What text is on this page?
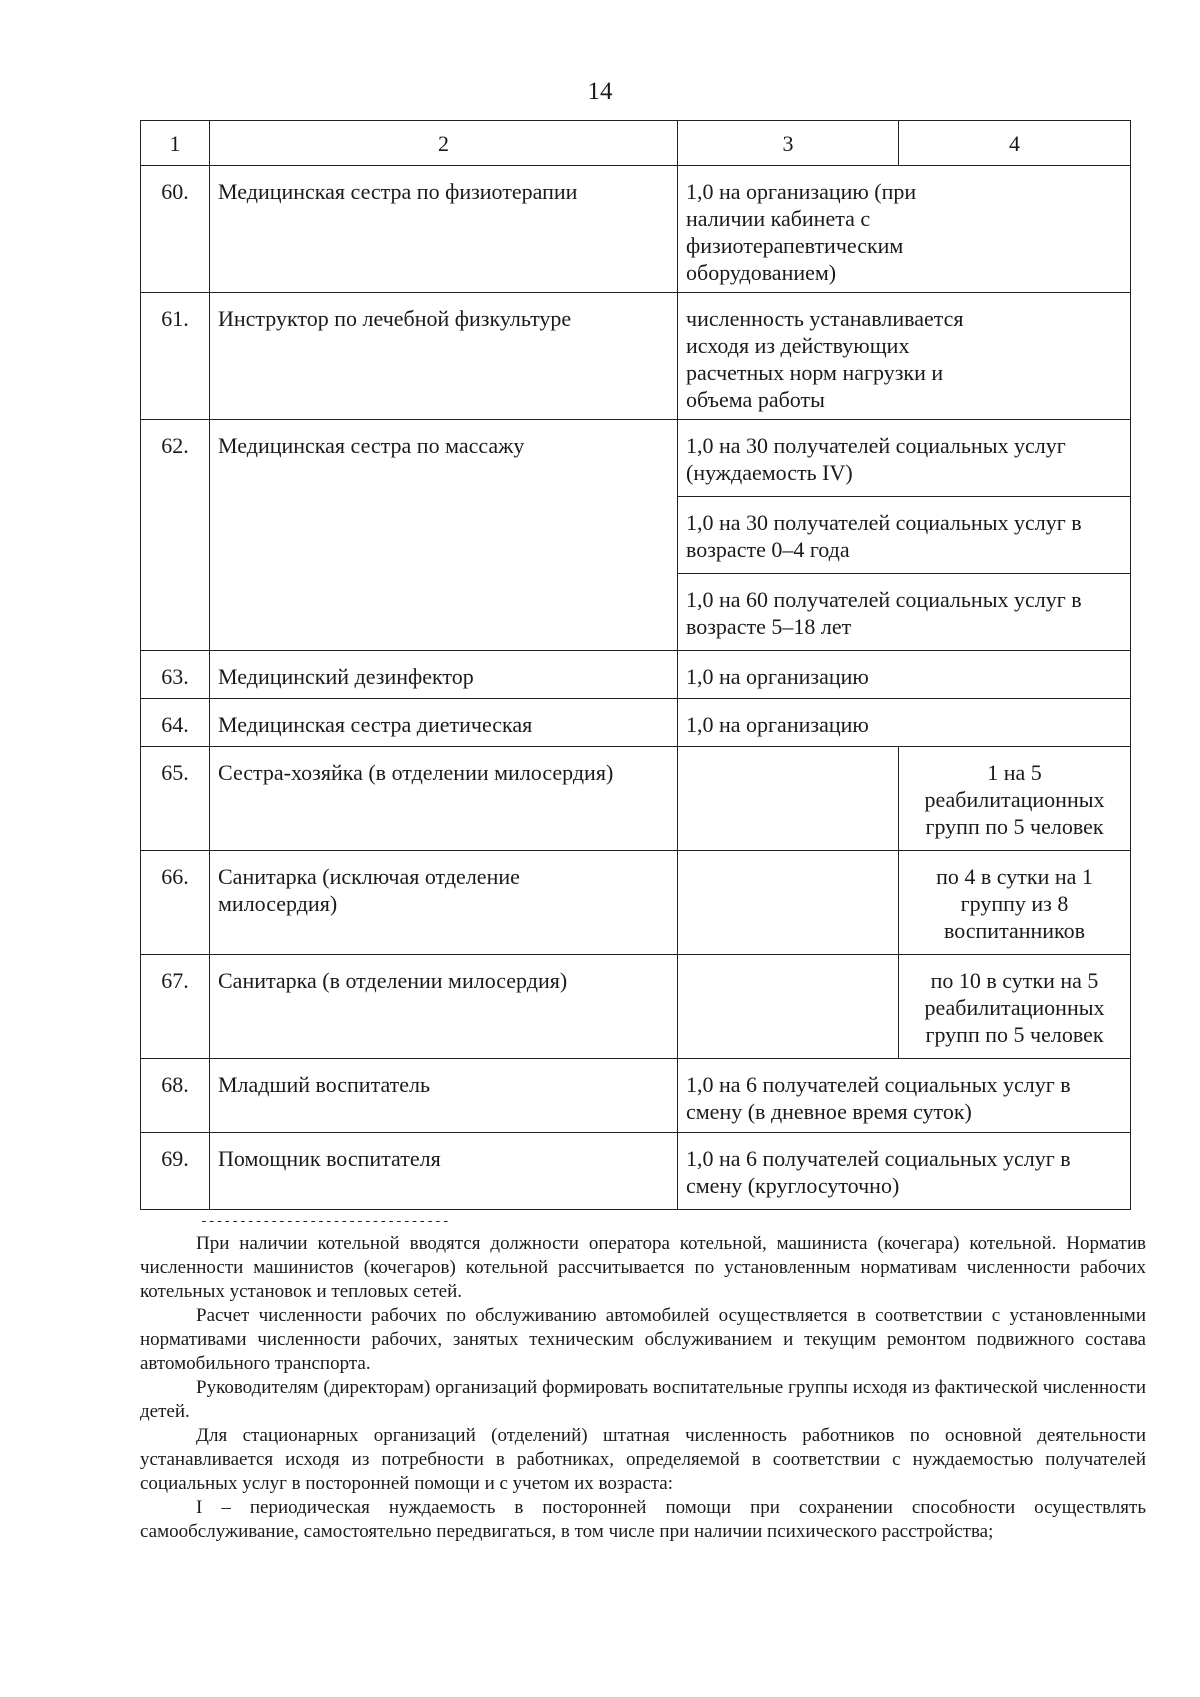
14
1	2	3	4
60.	Медицинская сестра по физиотерапии	1,0 на организацию (при наличии кабинета с физиотерапевтическим оборудованием)	
61.	Инструктор по лечебной физкультуре	численность устанавливается исходя из действующих расчетных норм нагрузки и объема работы	
62.	Медицинская сестра по массажу	1,0 на 30 получателей социальных услуг (нуждаемость IV)	
		1,0 на 30 получателей социальных услуг в возрасте 0–4 года	
		1,0 на 60 получателей социальных услуг в возрасте 5–18 лет	
63.	Медицинский дезинфектор	1,0 на организацию	
64.	Медицинская сестра диетическая	1,0 на организацию	
65.	Сестра-хозяйка (в отделении милосердия)		1 на 5 реабилитационных групп по 5 человек
66.	Санитарка (исключая отделение милосердия)		по 4 в сутки на 1 группу из 8 воспитанников
67.	Санитарка (в отделении милосердия)		по 10 в сутки на 5 реабилитационных групп по 5 человек
68.	Младший воспитатель	1,0 на 6 получателей социальных услуг в смену (в дневное время суток)	
69.	Помощник воспитателя	1,0 на 6 получателей социальных услуг в смену (круглосуточно)	
--------------------------------

При наличии котельной вводятся должности оператора котельной, машиниста (кочегара) котельной. Норматив численности машинистов (кочегаров) котельной рассчитывается по установленным нормативам численности рабочих котельных установок и тепловых сетей.

Расчет численности рабочих по обслуживанию автомобилей осуществляется в соответствии с установленными нормативами численности рабочих, занятых техническим обслуживанием и текущим ремонтом подвижного состава автомобильного транспорта.

Руководителям (директорам) организаций формировать воспитательные группы исходя из фактической численности детей.

Для стационарных организаций (отделений) штатная численность работников по основной деятельности устанавливается исходя из потребности в работниках, определяемой в соответствии с нуждаемостью получателей социальных услуг в посторонней помощи и с учетом их возраста:

I – периодическая нуждаемость в посторонней помощи при сохранении способности осуществлять самообслуживание, самостоятельно передвигаться, в том числе при наличии психического расстройства;
